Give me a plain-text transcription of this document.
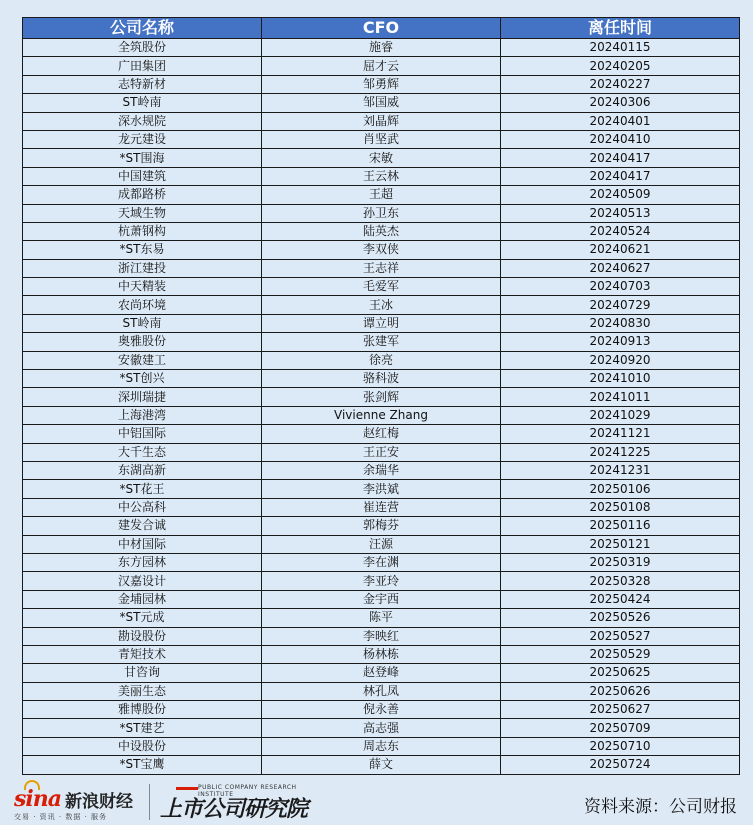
公司名称	CFO	离任时间
全筑股份	施睿	20240115
广田集团	屈才云	20240205
志特新材	邹勇辉	20240227
ST岭南	邹国威	20240306
深水规院	刘晶辉	20240401
龙元建设	肖坚武	20240410
*ST围海	宋敏	20240417
中国建筑	王云林	20240417
成都路桥	王超	20240509
天域生物	孙卫东	20240513
杭萧钢构	陆英杰	20240524
*ST东易	李双侠	20240621
浙江建投	王志祥	20240627
中天精装	毛爱军	20240703
农尚环境	王冰	20240729
ST岭南	谭立明	20240830
奥雅股份	张建军	20240913
安徽建工	徐亮	20240920
*ST创兴	骆科波	20241010
深圳瑞捷	张剑辉	20241011
上海港湾	Vivienne Zhang	20241029
中铝国际	赵红梅	20241121
大千生态	王正安	20241225
东湖高新	余瑞华	20241231
*ST花王	李洪斌	20250106
中公高科	崔连营	20250108
建发合诚	郭梅芬	20250116
中材国际	汪源	20250121
东方园林	李在渊	20250319
汉嘉设计	李亚玲	20250328
金埔园林	金宇西	20250424
*ST元成	陈平	20250526
勘设股份	李映红	20250527
青矩技术	杨林栋	20250529
甘咨询	赵登峰	20250625
美丽生态	林孔凤	20250626
雅博股份	倪永善	20250627
*ST建艺	高志强	20250709
中设股份	周志东	20250710
*ST宝鹰	薛文	20250724
sina 新浪财经
交易 · 资讯 · 数据 · 服务
PUBLIC COMPANY RESEARCH INSTITUTE
上市公司研究院	资料来源：公司财报
